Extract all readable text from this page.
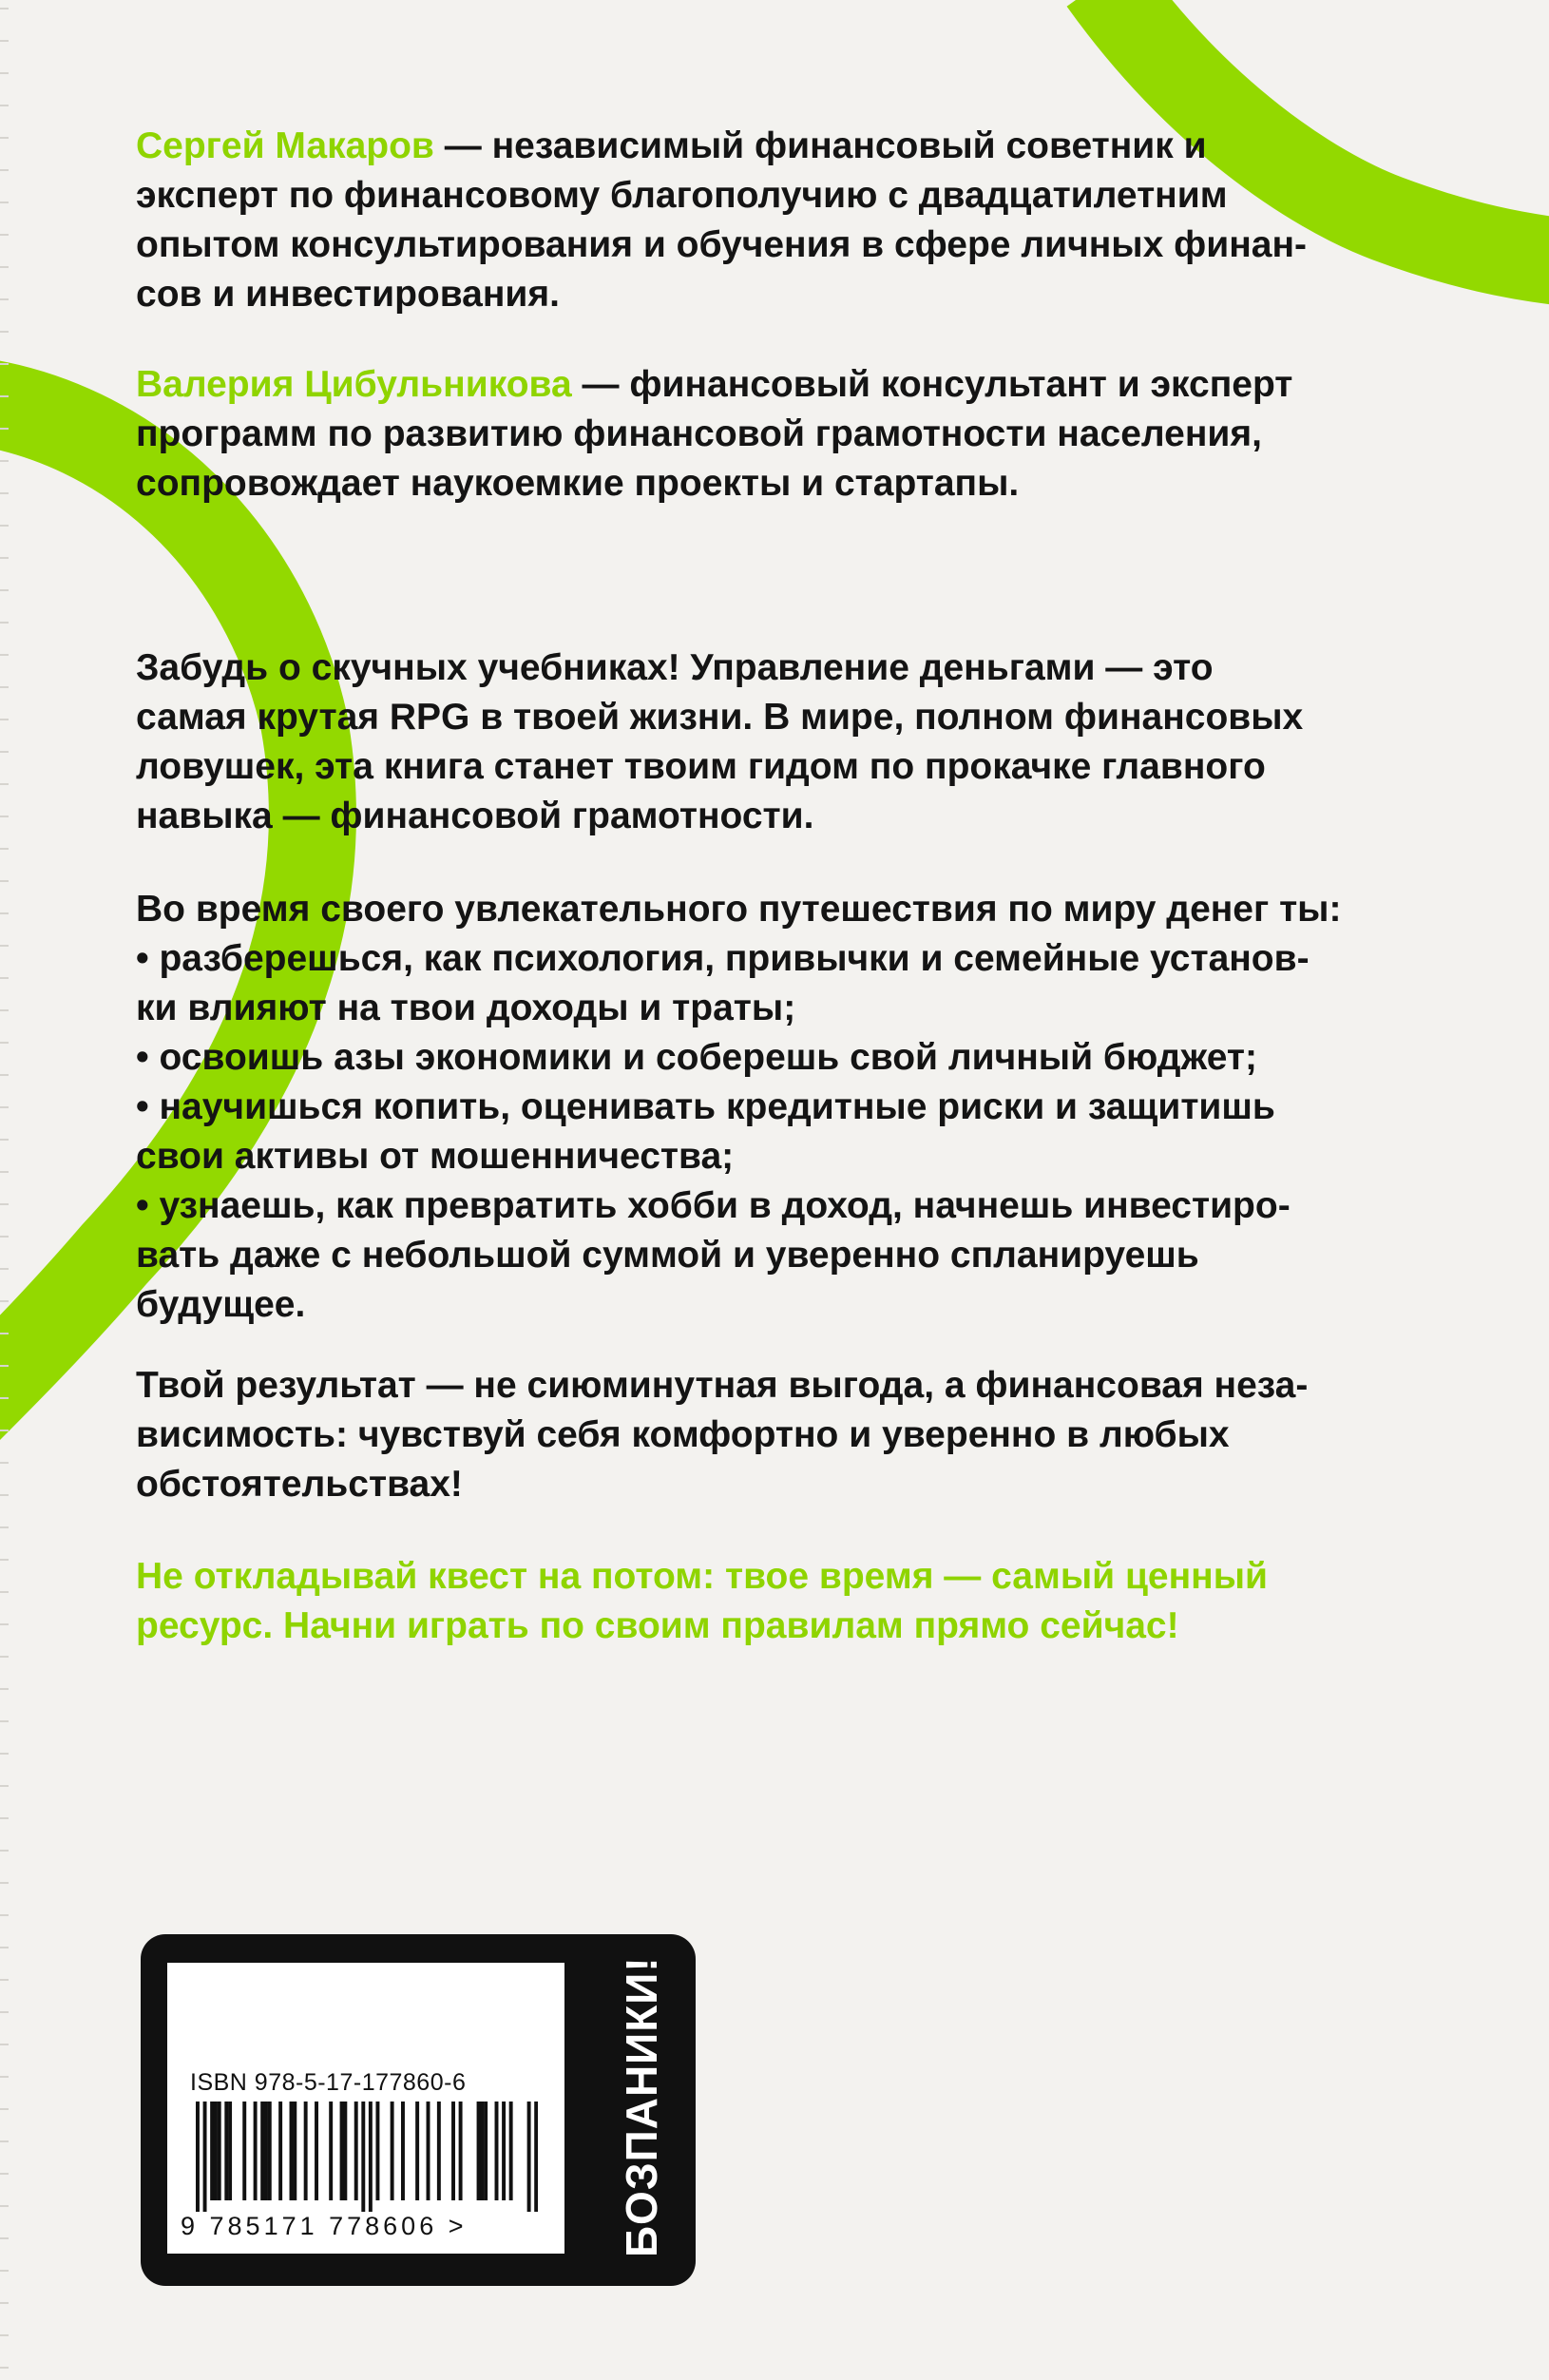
Сергей Макаров — независимый финансовый советник и
эксперт по финансовому благополучию с двадцатилетним
опытом консультирования и обучения в сфере личных финан-
сов и инвестирования.

Валерия Цибульникова — финансовый консультант и эксперт
программ по развитию финансовой грамотности населения,
сопровождает наукоемкие проекты и стартапы.

Забудь о скучных учебниках! Управление деньгами — это
самая крутая RPG в твоей жизни. В мире, полном финансовых
ловушек, эта книга станет твоим гидом по прокачке главного
навыка — финансовой грамотности.

Во время своего увлекательного путешествия по миру денег ты:
• разберешься, как психология, привычки и семейные установ-
ки влияют на твои доходы и траты;
• освоишь азы экономики и соберешь свой личный бюджет;
• научишься копить, оценивать кредитные риски и защитишь
свои активы от мошенничества;
• узнаешь, как превратить хобби в доход, начнешь инвестиро-
вать даже с небольшой суммой и уверенно спланируешь
будущее.

Твой результат — не сиюминутная выгода, а финансовая неза-
висимость: чувствуй себя комфортно и уверенно в любых
обстоятельствах!

Не откладывай квест на потом: твое время — самый ценный
ресурс. Начни играть по своим правилам прямо сейчас!

ISBN 978-5-17-177860-6
9 785171 778606 >	БОЗПАНИКИ!
